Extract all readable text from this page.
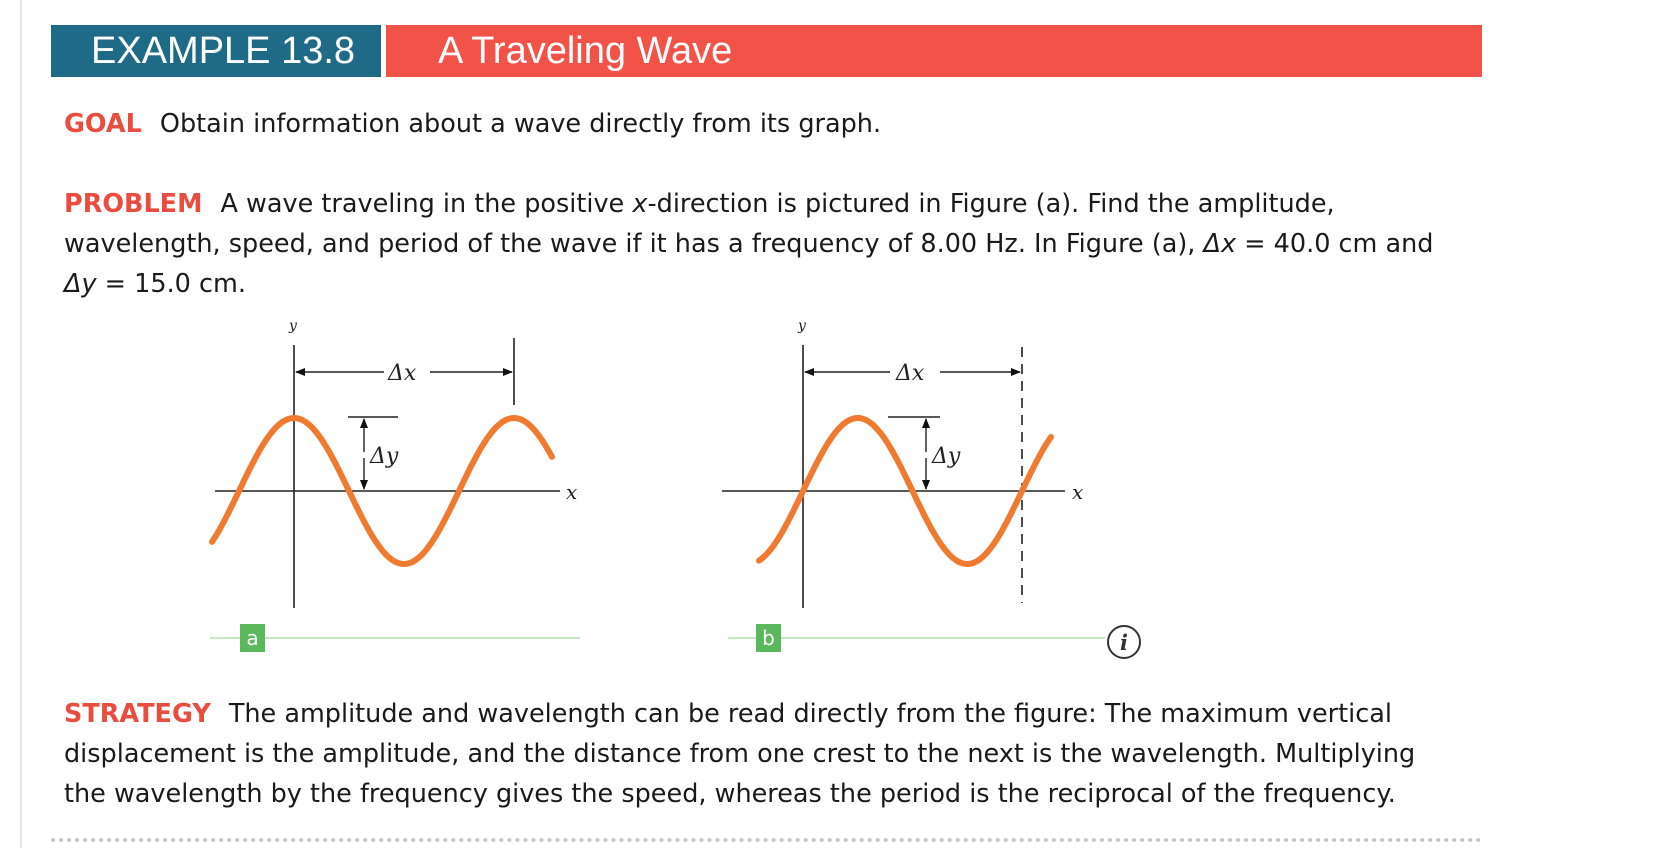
EXAMPLE 13.8	A Traveling Wave
GOAL Obtain information about a wave directly from its graph.
PROBLEM A wave traveling in the positive x-direction is pictured in Figure (a). Find the amplitude, wavelength, speed, and period of the wave if it has a frequency of 8.00 Hz. In Figure (a), Δx = 40.0 cm and Δy = 15.0 cm.
y
x
Δx
Δy
a
y
x
Δx
Δy
b	i
STRATEGY The amplitude and wavelength can be read directly from the figure: The maximum vertical displacement is the amplitude, and the distance from one crest to the next is the wavelength. Multiplying the wavelength by the frequency gives the speed, whereas the period is the reciprocal of the frequency.
